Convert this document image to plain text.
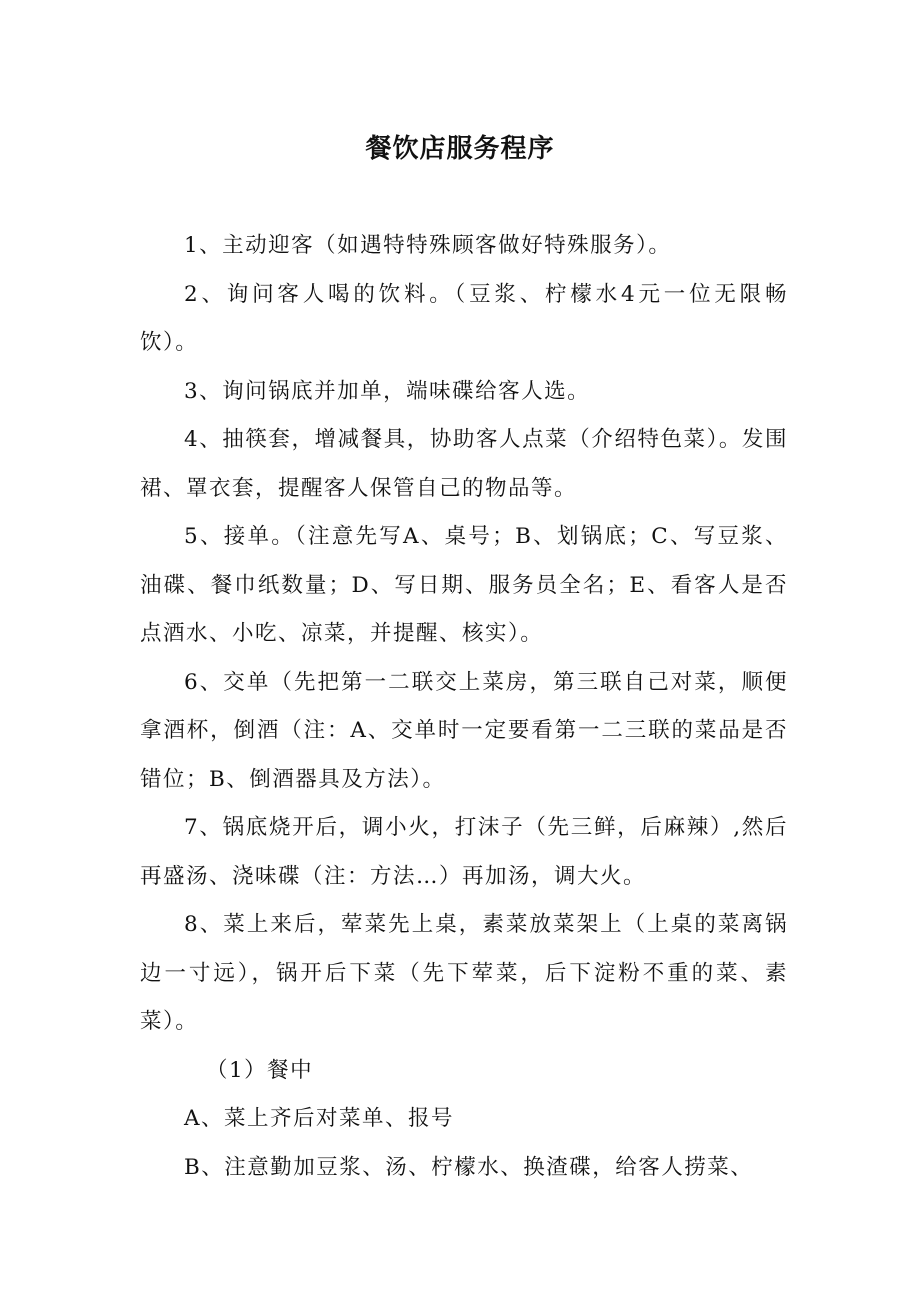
餐饮店服务程序

1、主动迎客（如遇特特殊顾客做好特殊服务）。

2、询问客人喝的饮料。（豆浆、柠檬水4元一位无限畅饮）。

3、询问锅底并加单，端味碟给客人选。

4、抽筷套，增减餐具，协助客人点菜（介绍特色菜）。发围裙、罩衣套，提醒客人保管自己的物品等。

5、接单。（注意先写A、桌号；B、划锅底；C、写豆浆、油碟、餐巾纸数量；D、写日期、服务员全名；E、看客人是否点酒水、小吃、凉菜，并提醒、核实）。

6、交单（先把第一二联交上菜房，第三联自己对菜，顺便拿酒杯，倒酒（注：A、交单时一定要看第一二三联的菜品是否错位；B、倒酒器具及方法）。

7、锅底烧开后，调小火，打沫子（先三鲜，后麻辣）,然后再盛汤、浇味碟（注：方法…）再加汤，调大火。

8、菜上来后，荤菜先上桌，素菜放菜架上（上桌的菜离锅边一寸远），锅开后下菜（先下荤菜，后下淀粉不重的菜、素菜）。

（1）餐中

A、菜上齐后对菜单、报号

B、注意勤加豆浆、汤、柠檬水、换渣碟，给客人捞菜、
